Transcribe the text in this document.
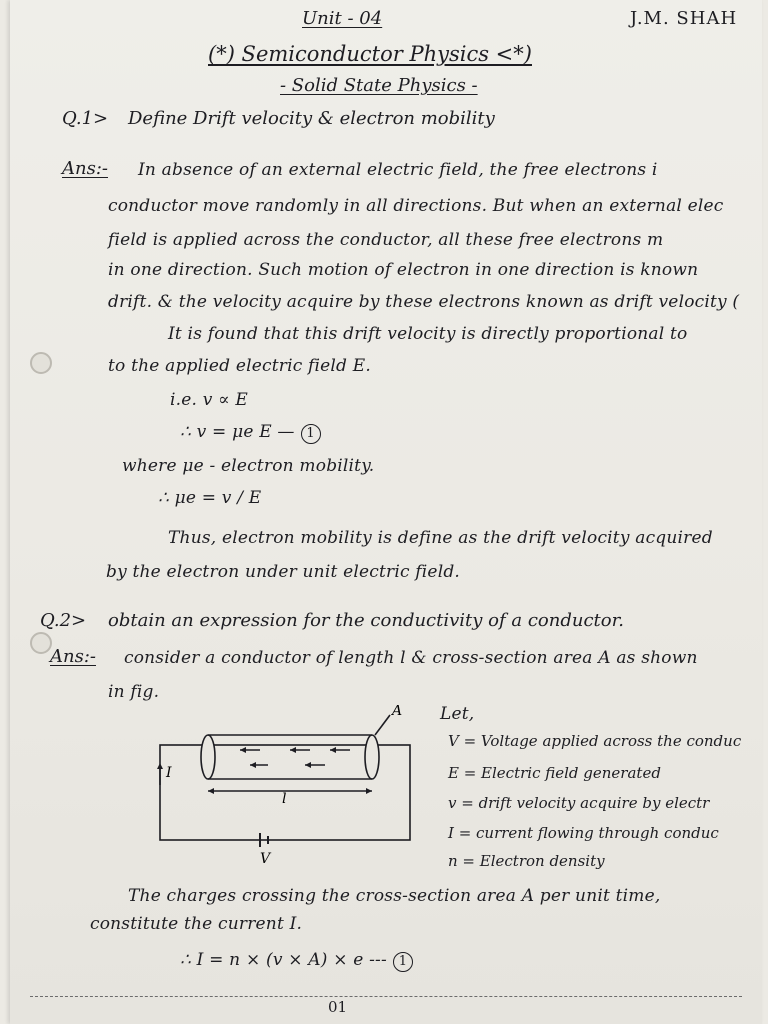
Unit - 04	J.M. SHAH
(*) Semiconductor Physics <*)
- Solid State Physics -
Q.1> Define Drift velocity & electron mobility
Ans:- In absence of an external electric field, the free electrons i
conductor move randomly in all directions. But when an external elec
field is applied across the conductor, all these free electrons m
in one direction. Such motion of electron in one direction is known
drift. & the velocity acquire by these electrons known as drift velocity (
It is found that this drift velocity is directly proportional to
to the applied electric field E.
i.e. v ∝ E
∴ v = μe E — 1
where μe - electron mobility.
∴ μe = v / E
Thus, electron mobility is define as the drift velocity acquired
by the electron under unit electric field.
Q.2> obtain an expression for the conductivity of a conductor.
Ans:- consider a conductor of length l & cross-section area A as shown
in fig.
Let,
V = Voltage applied across the conduc
E = Electric field generated
v = drift velocity acquire by electr
I = current flowing through conduc
n = Electron density
A
I
l
V
The charges crossing the cross-section area A per unit time,
constitute the current I.
∴ I = n × (v × A) × e --- 1
01
